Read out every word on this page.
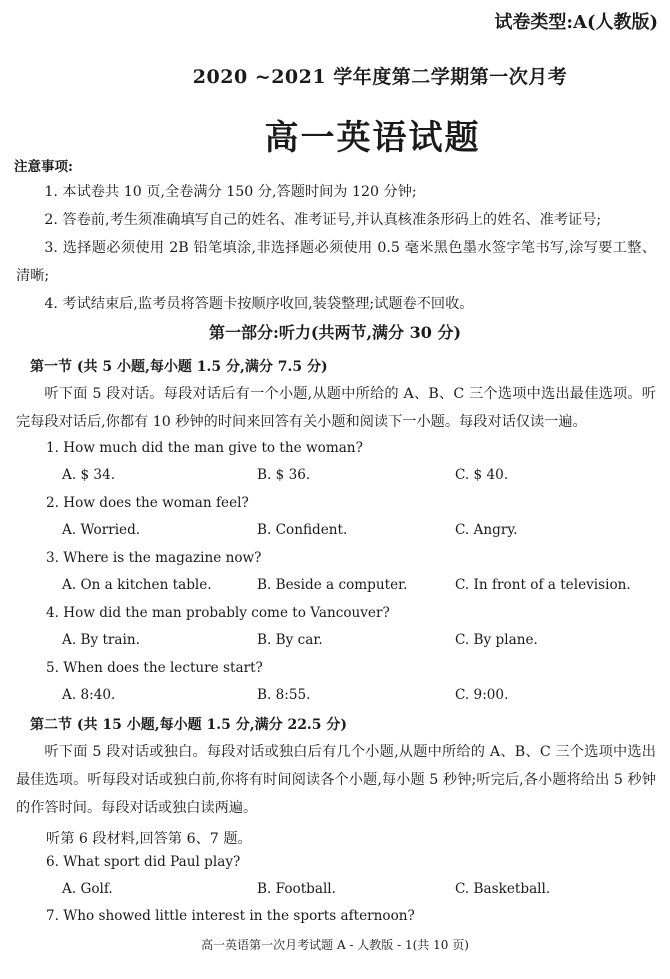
试卷类型:A(人教版)
2020 ~2021 学年度第二学期第一次月考
高一英语试题
注意事项:
1. 本试卷共 10 页,全卷满分 150 分,答题时间为 120 分钟;
2. 答卷前,考生须准确填写自己的姓名、准考证号,并认真核准条形码上的姓名、准考证号;
3. 选择题必须使用 2B 铅笔填涂,非选择题必须使用 0.5 毫米黑色墨水签字笔书写,涂写要工整、清晰;
4. 考试结束后,监考员将答题卡按顺序收回,装袋整理;试题卷不回收。
第一部分:听力(共两节,满分 30 分)
第一节 (共 5 小题,每小题 1.5 分,满分 7.5 分)
听下面 5 段对话。每段对话后有一个小题,从题中所给的 A、B、C 三个选项中选出最佳选项。听完每段对话后,你都有 10 秒钟的时间来回答有关小题和阅读下一小题。每段对话仅读一遍。
1. How much did the man give to the woman?
A. $ 34.	B. $ 36.	C. $ 40.
2. How does the woman feel?
A. Worried.	B. Confident.	C. Angry.
3. Where is the magazine now?
A. On a kitchen table.	B. Beside a computer.	C. In front of a television.
4. How did the man probably come to Vancouver?
A. By train.	B. By car.	C. By plane.
5. When does the lecture start?
A. 8:40.	B. 8:55.	C. 9:00.
第二节 (共 15 小题,每小题 1.5 分,满分 22.5 分)
听下面 5 段对话或独白。每段对话或独白后有几个小题,从题中所给的 A、B、C 三个选项中选出最佳选项。听每段对话或独白前,你将有时间阅读各个小题,每小题 5 秒钟;听完后,各小题将给出 5 秒钟的作答时间。每段对话或独白读两遍。
听第 6 段材料,回答第 6、7 题。
6. What sport did Paul play?
A. Golf.	B. Football.	C. Basketball.
7. Who showed little interest in the sports afternoon?
高一英语第一次月考试题 A - 人教版 - 1(共 10 页)
